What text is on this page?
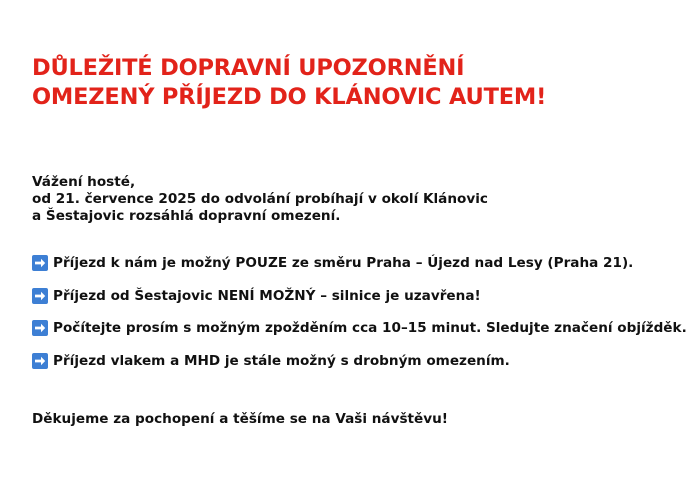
DŮLEŽITÉ DOPRAVNÍ UPOZORNĚNÍ
OMEZENÝ PŘÍJEZD DO KLÁNOVIC AUTEM!
Vážení hosté,
od 21. července 2025 do odvolání probíhají v okolí Klánovic
a Šestajovic rozsáhlá dopravní omezení.
Příjezd k nám je možný POUZE ze směru Praha – Újezd nad Lesy (Praha 21).
Příjezd od Šestajovic NENÍ MOŽNÝ – silnice je uzavřena!
Počítejte prosím s možným zpožděním cca 10–15 minut. Sledujte značení objížděk.
Příjezd vlakem a MHD je stále možný s drobným omezením.
Děkujeme za pochopení a těšíme se na Vaši návštěvu!
